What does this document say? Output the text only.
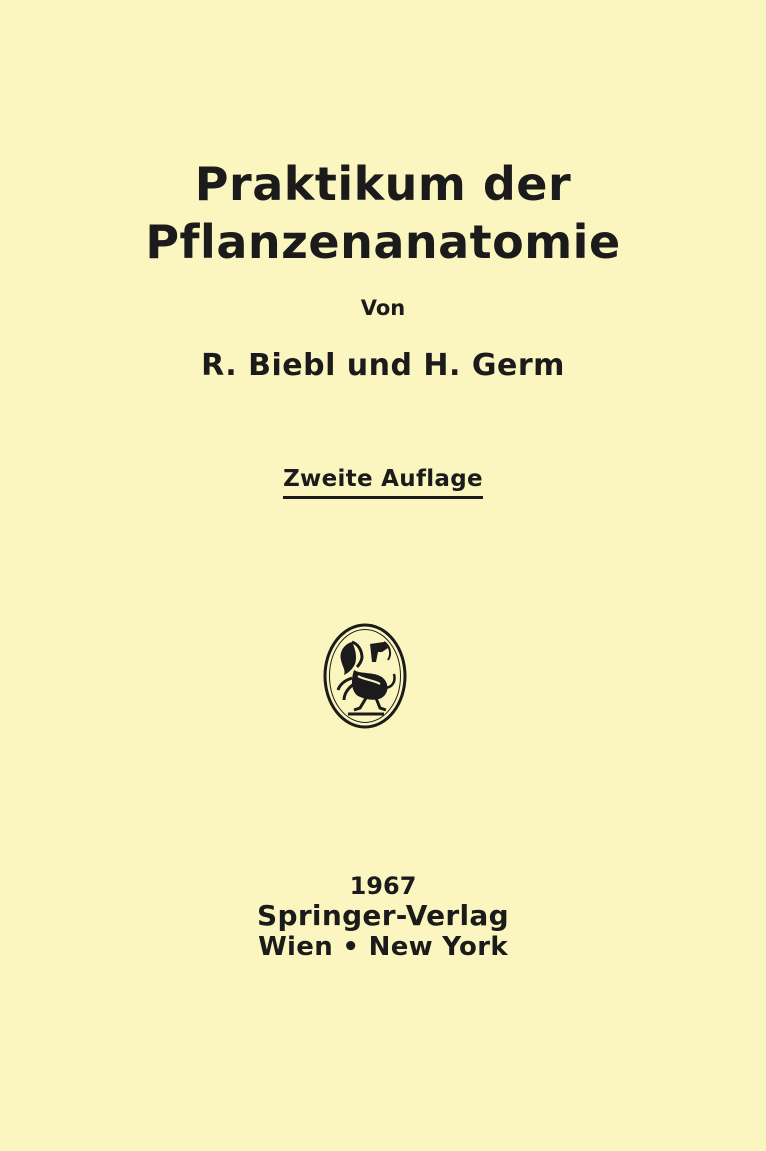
Praktikum der
Pflanzenanatomie
Von
R. Biebl und H. Germ
Zweite Auflage
1967
Springer-Verlag
Wien • New York
